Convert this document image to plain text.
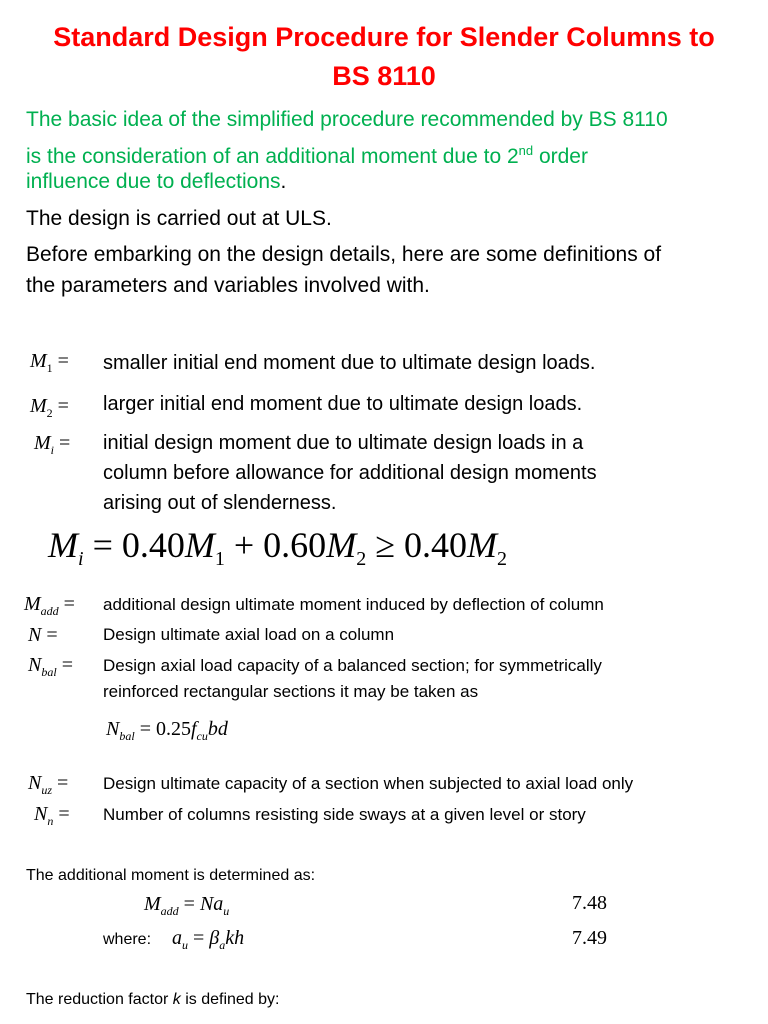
Standard Design Procedure for Slender Columns to
BS 8110
The basic idea of the simplified procedure recommended by BS 8110
is the consideration of an additional moment due to 2nd order
influence due to deflections.
The design is carried out at ULS.
Before embarking on the design details, here are some definitions of
the parameters and variables involved with.
$M_1$ = smaller initial end moment due to ultimate design loads.
$M_2$ = larger initial end moment due to ultimate design loads.
$M_i$ = initial design moment due to ultimate design loads in a
column before allowance for additional design moments
arising out of slenderness.
$M_i = 0.40M_1 + 0.60M_2 \ge 0.40M_2$
$M_{add}$ = additional design ultimate moment induced by deflection of column
N =	Design ultimate axial load on a column
$N_{bal}$ = Design axial load capacity of a balanced section; for symmetrically
reinforced rectangular sections it may be taken as
$N_{bal} = 0.25f_{cu}bd$
$N_{uz}$ = Design ultimate capacity of a section when subjected to axial load only
$N_n$ = Number of columns resisting side sways at a given level or story
The additional moment is determined as:
$M_{add} = Na_u$	7.48
where: $a_u = \beta_akh$	7.49
The reduction factor k is defined by:
